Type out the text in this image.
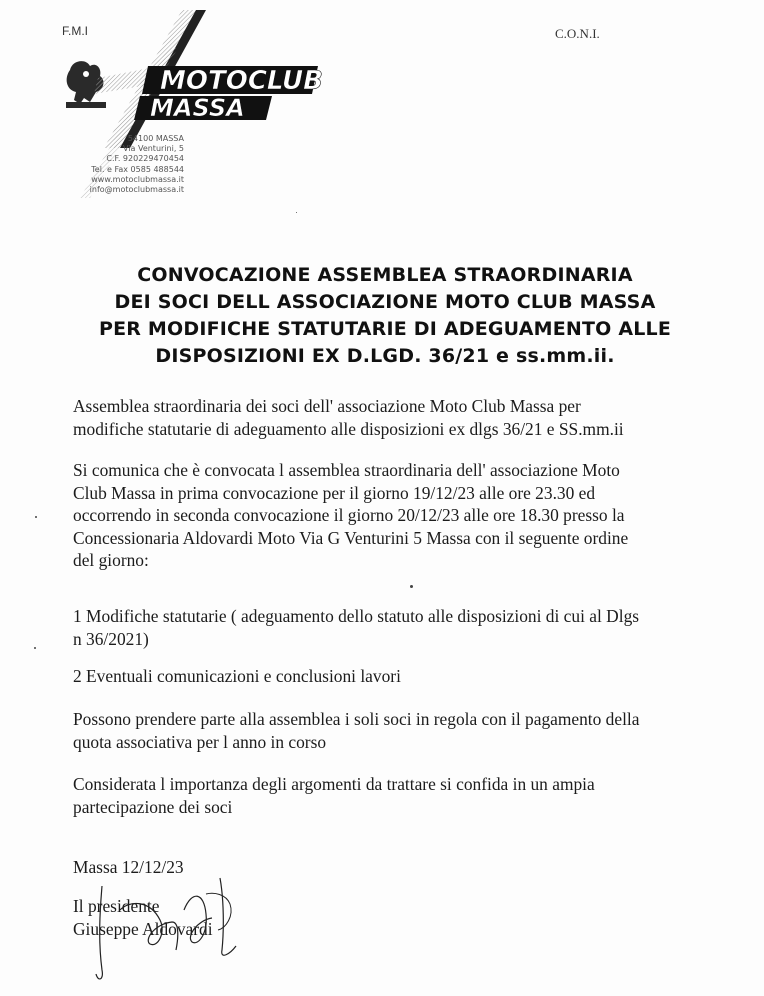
F.M.I	C.O.N.I.
MOTOCLUB
MASSA
54100 MASSA
Via Venturini, 5
C.F. 920229470454
Tel. e Fax 0585 488544
www.motoclubmassa.it
info@motoclubmassa.it
CONVOCAZIONE ASSEMBLEA STRAORDINARIA
DEI SOCI DELL ASSOCIAZIONE MOTO CLUB MASSA
PER MODIFICHE STATUTARIE DI ADEGUAMENTO ALLE
DISPOSIZIONI EX D.LGD. 36/21 e ss.mm.ii.
Assemblea straordinaria dei soci dell' associazione Moto Club Massa per
modifiche statutarie di adeguamento alle disposizioni ex dlgs 36/21 e SS.mm.ii
Si comunica che è convocata l assemblea straordinaria dell' associazione Moto
Club Massa in prima convocazione per il giorno 19/12/23 alle ore 23.30 ed
occorrendo in seconda convocazione il giorno 20/12/23 alle ore 18.30 presso la
Concessionaria Aldovardi Moto Via G Venturini 5 Massa con il seguente ordine
del giorno:
1 Modifiche statutarie ( adeguamento dello statuto alle disposizioni di cui al Dlgs
n 36/2021)
2 Eventuali comunicazioni e conclusioni lavori
Possono prendere parte alla assemblea i soli soci in regola con il pagamento della
quota associativa per l anno in corso
Considerata l importanza degli argomenti da trattare si confida in un ampia
partecipazione dei soci
Massa 12/12/23
Il presidente
Giuseppe Aldovardi
